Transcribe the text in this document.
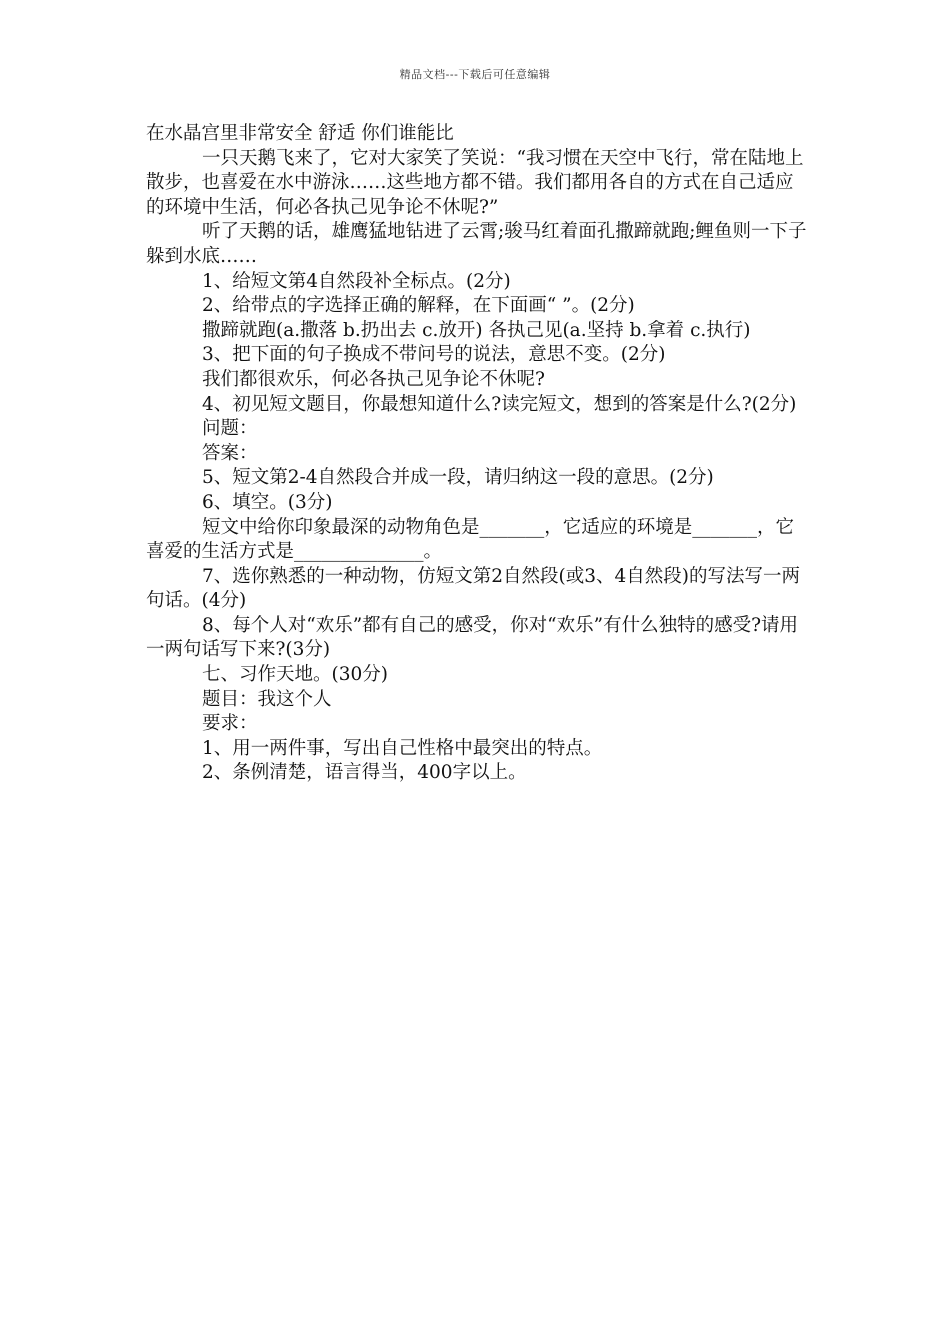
精品文档---下载后可任意编辑

在水晶宫里非常安全 舒适 你们谁能比

一只天鹅飞来了，它对大家笑了笑说：“我习惯在天空中飞行，常在陆地上散步，也喜爱在水中游泳……这些地方都不错。我们都用各自的方式在自己适应的环境中生活，何必各执己见争论不休呢?”

听了天鹅的话，雄鹰猛地钻进了云霄;骏马红着面孔撒蹄就跑;鲤鱼则一下子躲到水底……

1、给短文第4自然段补全标点。(2分)

2、给带点的字选择正确的解释，在下面画“ ”。(2分)

撒蹄就跑(a.撒落 b.扔出去 c.放开) 各执己见(a.坚持 b.拿着 c.执行)

3、把下面的句子换成不带问号的说法，意思不变。(2分)

我们都很欢乐，何必各执己见争论不休呢?

4、初见短文题目，你最想知道什么?读完短文，想到的答案是什么?(2分)

问题：

答案：

5、短文第2-4自然段合并成一段，请归纳这一段的意思。(2分)

6、填空。(3分)

短文中给你印象最深的动物角色是_______，它适应的环境是_______，它喜爱的生活方式是______________。

7、选你熟悉的一种动物，仿短文第2自然段(或3、4自然段)的写法写一两句话。(4分)

8、每个人对“欢乐”都有自己的感受，你对“欢乐”有什么独特的感受?请用一两句话写下来?(3分)

七、习作天地。(30分)

题目：我这个人

要求：

1、用一两件事，写出自己性格中最突出的特点。

2、条例清楚，语言得当，400字以上。
